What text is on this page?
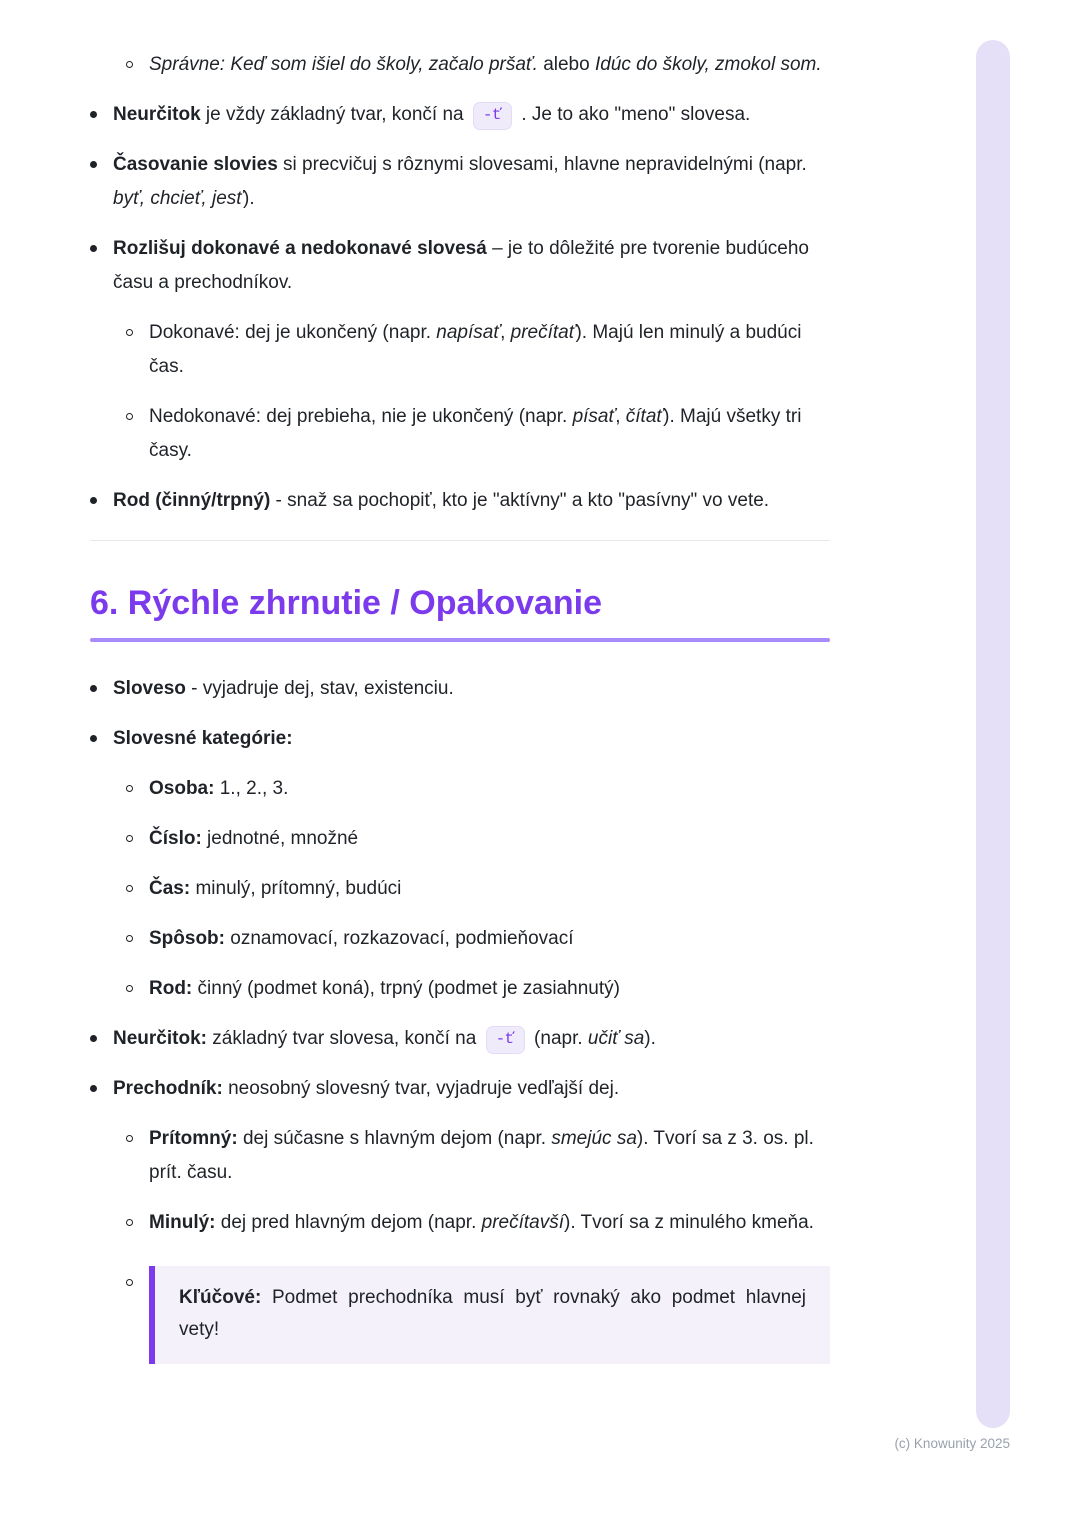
Správne: Keď som išiel do školy, začalo pršať. alebo Idúc do školy, zmokol som.
Neurčitok je vždy základný tvar, končí na -ť . Je to ako "meno" slovesa.
Časovanie slovies si precvičuj s rôznymi slovesami, hlavne nepravidelnými (napr. byť, chcieť, jesť).
Rozlišuj dokonavé a nedokonavé slovesá – je to dôležité pre tvorenie budúceho času a prechodníkov.
Dokonavé: dej je ukončený (napr. napísať, prečítať). Majú len minulý a budúci čas.
Nedokonavé: dej prebieha, nie je ukončený (napr. písať, čítať). Majú všetky tri časy.
Rod (činný/trpný) - snaž sa pochopiť, kto je "aktívny" a kto "pasívny" vo vete.
6. Rýchle zhrnutie / Opakovanie
Sloveso - vyjadruje dej, stav, existenciu.
Slovesné kategórie:
Osoba: 1., 2., 3.
Číslo: jednotné, množné
Čas: minulý, prítomný, budúci
Spôsob: oznamovací, rozkazovací, podmieňovací
Rod: činný (podmet koná), trpný (podmet je zasiahnutý)
Neurčitok: základný tvar slovesa, končí na -ť (napr. učiť sa).
Prechodník: neosobný slovesný tvar, vyjadruje vedľajší dej.
Prítomný: dej súčasne s hlavným dejom (napr. smejúc sa). Tvorí sa z 3. os. pl. prít. času.
Minulý: dej pred hlavným dejom (napr. prečítavší). Tvorí sa z minulého kmeňa.
Kľúčové: Podmet prechodníka musí byť rovnaký ako podmet hlavnej vety!
(c) Knowunity 2025
